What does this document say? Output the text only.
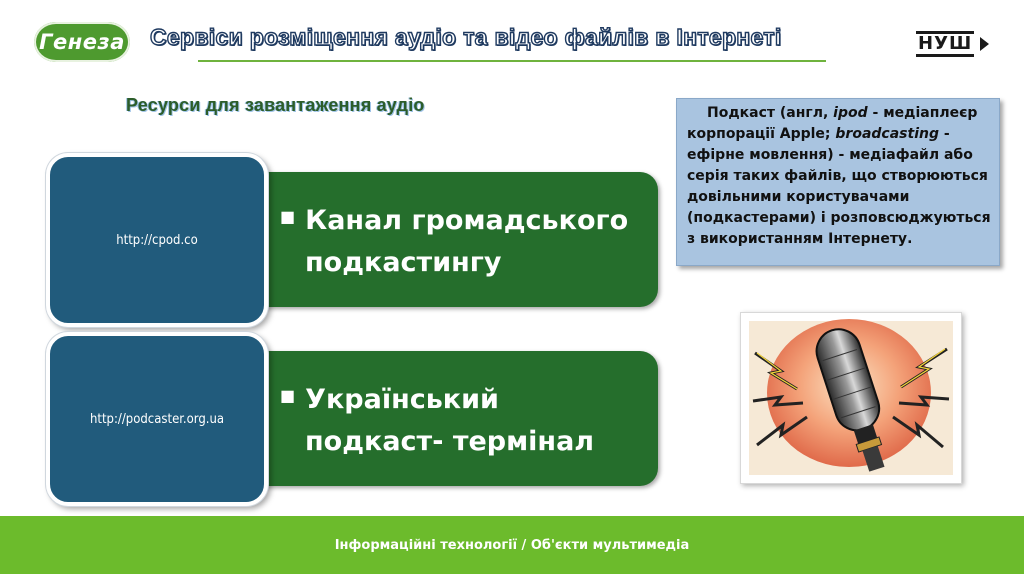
Генеза Сервіси розміщення аудіо та відео файлів в Інтернеті	НУШ
Ресурси для завантаження аудіо
■ Канал громадського
подкастингу
http://cpod.co
■ Український
подкаст- термінал
http://podcaster.org.ua
Подкаст (англ, ipod - медіаплеєр корпорації Apple; broadcasting - ефірне мовлення) - медіафайл або серія таких файлів, що створюються довільними користувачами (подкастерами) і розповсюджуються з використанням Інтернету.
Інформаційні технології / Об'єкти мультимедіа
